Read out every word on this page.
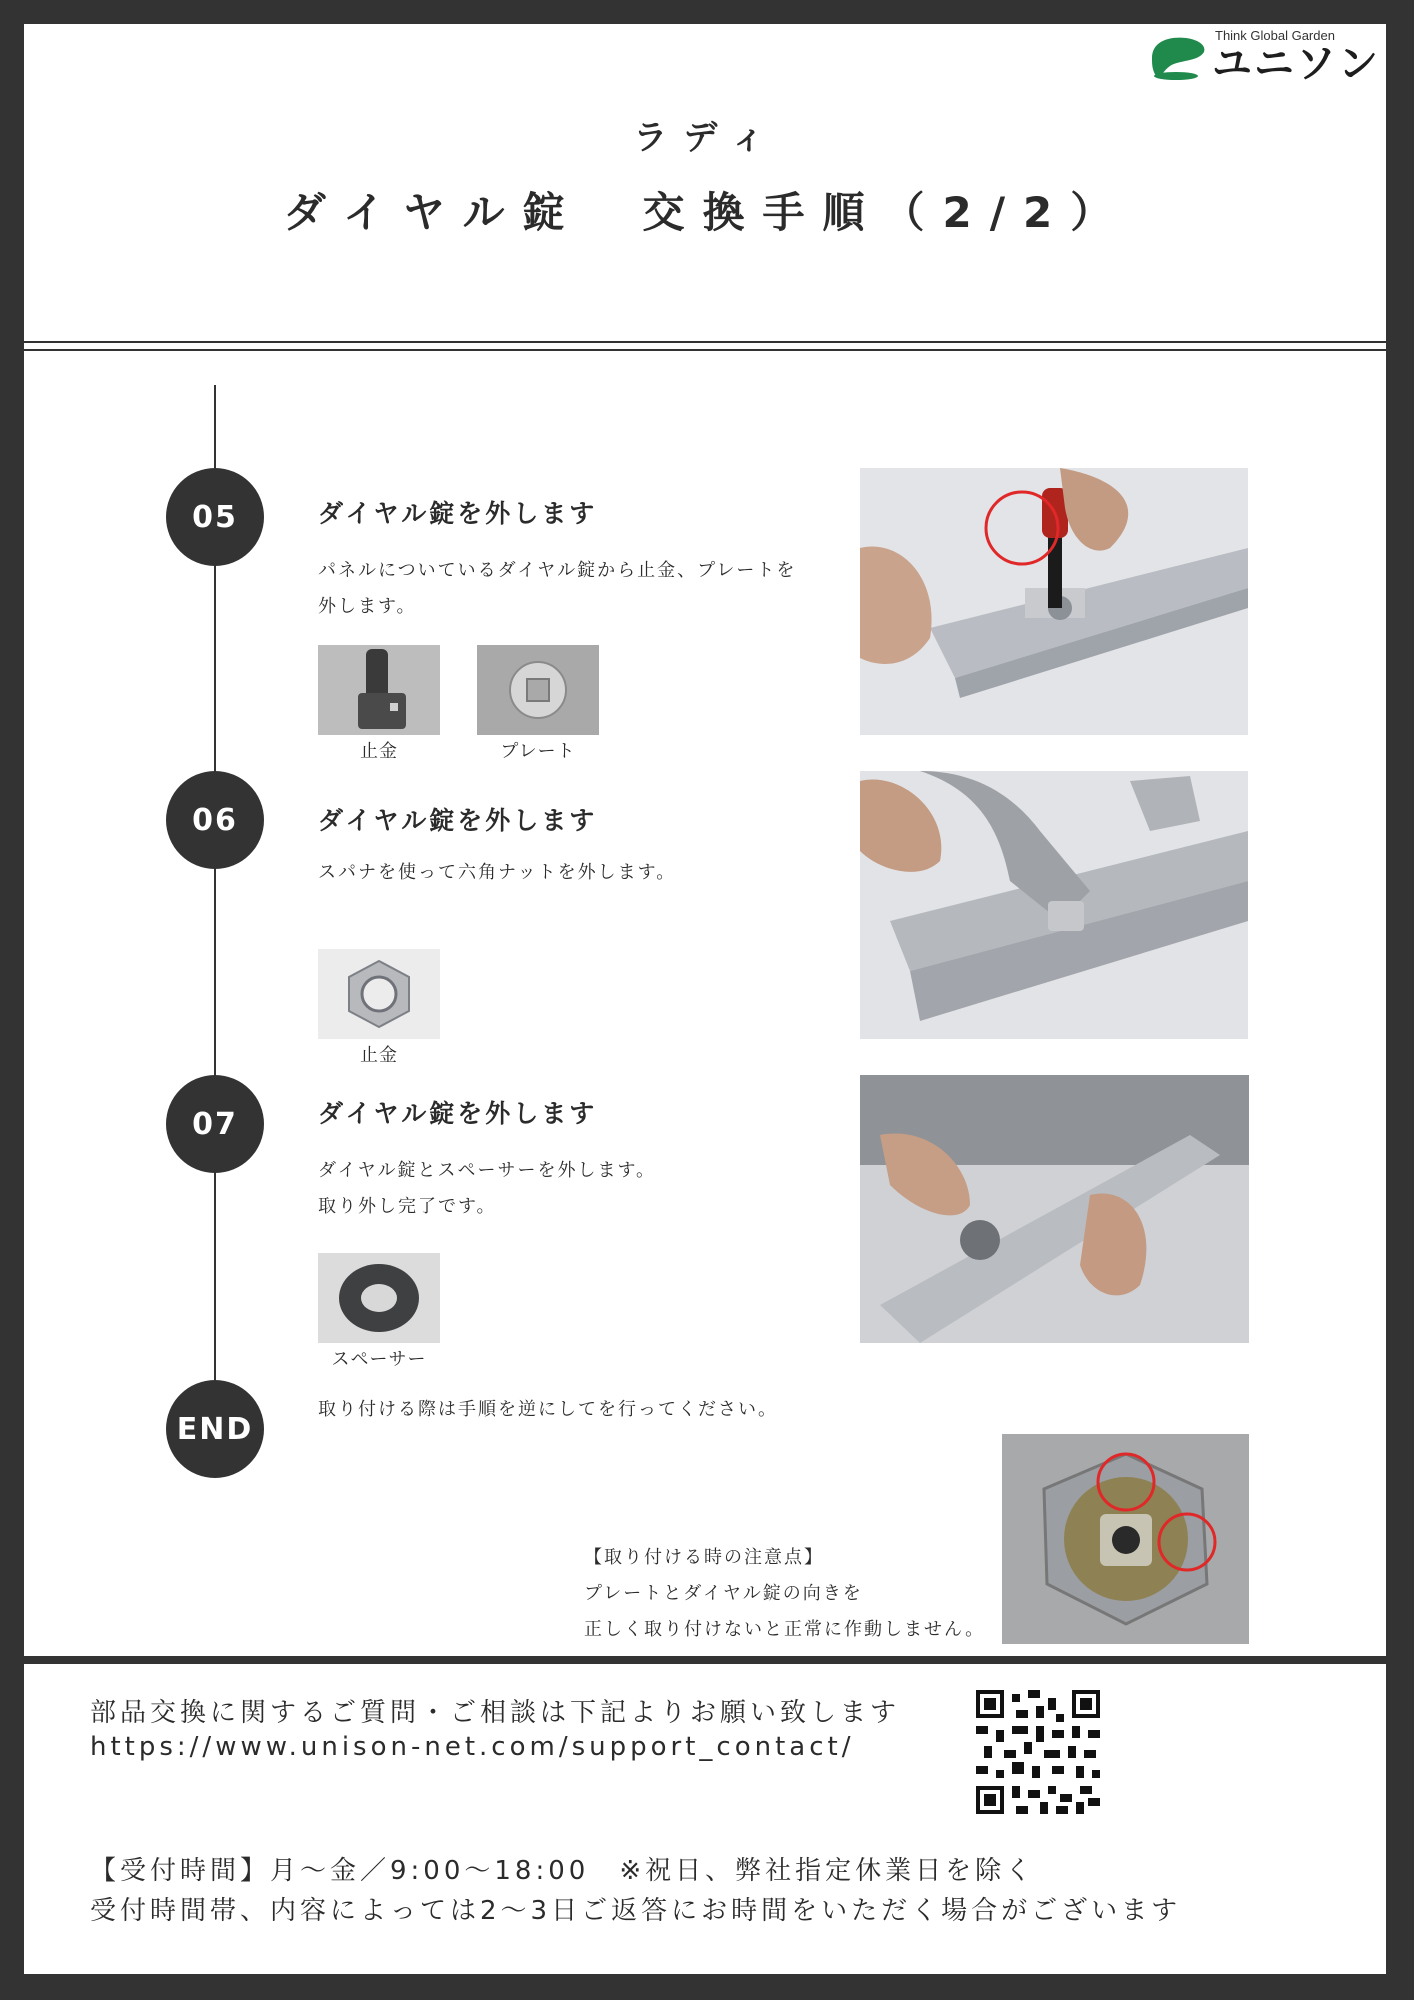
Think Global Garden
ユニソン
ラディ
ダイヤル錠　交換手順（2/2）
05	ダイヤル錠を外します
パネルについているダイヤル錠から止金、プレートを
外します。
止金	プレート
06	ダイヤル錠を外します
スパナを使って六角ナットを外します。
止金
07	ダイヤル錠を外します
ダイヤル錠とスペーサーを外します。
取り外し完了です。
スペーサー
END
取り付ける際は手順を逆にしてを行ってください。
【取り付ける時の注意点】
プレートとダイヤル錠の向きを
正しく取り付けないと正常に作動しません。
部品交換に関するご質問・ご相談は下記よりお願い致します
https://www.unison-net.com/support_contact/
【受付時間】月～金／9:00～18:00　※祝日、弊社指定休業日を除く
受付時間帯、内容によっては2～3日ご返答にお時間をいただく場合がございます
